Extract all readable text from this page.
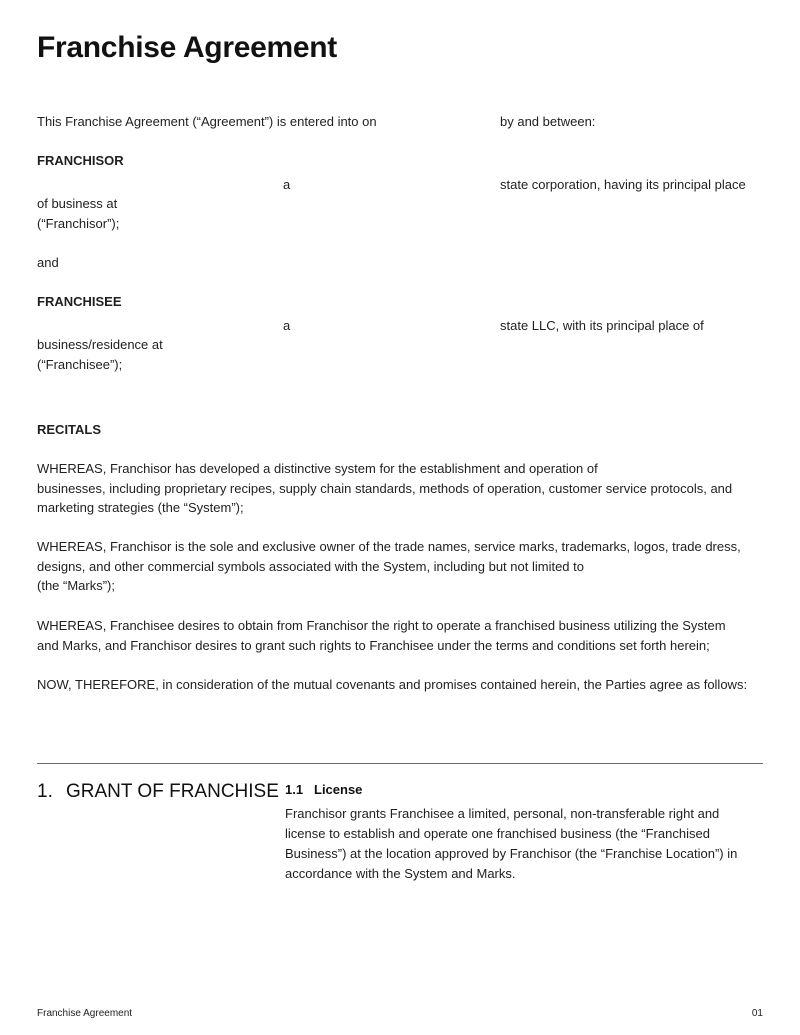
Franchise Agreement
This Franchise Agreement (“Agreement”) is entered into on	by and between:
FRANCHISOR
a	state corporation, having its principal place
of business at
(“Franchisor”);
and
FRANCHISEE
a	state LLC, with its principal place of
business/residence at
(“Franchisee”);
RECITALS
WHEREAS, Franchisor has developed a distinctive system for the establishment and operation of
businesses, including proprietary recipes, supply chain standards, methods of operation, customer service protocols, and
marketing strategies (the “System”);
WHEREAS, Franchisor is the sole and exclusive owner of the trade names, service marks, trademarks, logos, trade dress,
designs, and other commercial symbols associated with the System, including but not limited to
(the “Marks”);
WHEREAS, Franchisee desires to obtain from Franchisor the right to operate a franchised business utilizing the System
and Marks, and Franchisor desires to grant such rights to Franchisee under the terms and conditions set forth herein;
NOW, THEREFORE, in consideration of the mutual covenants and promises contained herein, the Parties agree as follows:
1. GRANT OF FRANCHISE 1.1 License
Franchisor grants Franchisee a limited, personal, non-transferable right and
license to establish and operate one franchised business (the “Franchised
Business”) at the location approved by Franchisor (the “Franchise Location”) in
accordance with the System and Marks.
Franchise Agreement	01
